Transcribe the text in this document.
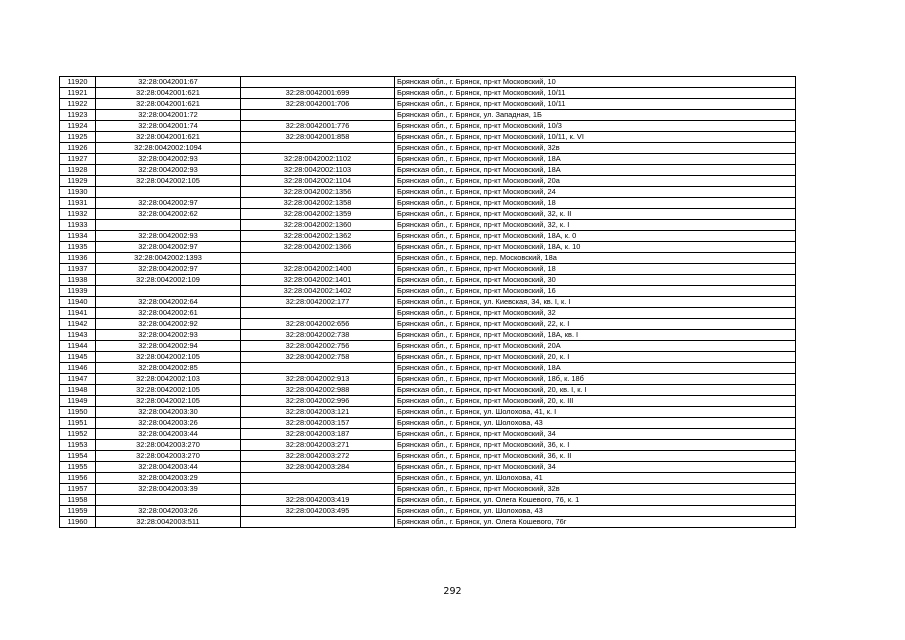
11920	32:28:0042001:67		Брянская обл., г. Брянск, пр-кт Московский, 10
11921	32:28:0042001:621	32:28:0042001:699	Брянская обл., г. Брянск, пр-кт Московский, 10/11
11922	32:28:0042001:621	32:28:0042001:706	Брянская обл., г. Брянск, пр-кт Московский, 10/11
11923	32:28:0042001:72		Брянская обл., г. Брянск, ул. Западная, 1Б
11924	32:28:0042001:74	32:28:0042001:776	Брянская обл., г. Брянск, пр-кт Московский, 10/3
11925	32:28:0042001:621	32:28:0042001:858	Брянская обл., г. Брянск, пр-кт Московский, 10/11, к. VI
11926	32:28:0042002:1094		Брянская обл., г. Брянск, пр-кт Московский, 32в
11927	32:28:0042002:93	32:28:0042002:1102	Брянская обл., г. Брянск, пр-кт Московский, 18А
11928	32:28:0042002:93	32:28:0042002:1103	Брянская обл., г. Брянск, пр-кт Московский, 18А
11929	32:28:0042002:105	32:28:0042002:1104	Брянская обл., г. Брянск, пр-кт Московский, 20а
11930		32:28:0042002:1356	Брянская обл., г. Брянск, пр-кт Московский, 24
11931	32:28:0042002:97	32:28:0042002:1358	Брянская обл., г. Брянск, пр-кт Московский, 18
11932	32:28:0042002:62	32:28:0042002:1359	Брянская обл., г. Брянск, пр-кт Московский, 32, к. II
11933		32:28:0042002:1360	Брянская обл., г. Брянск, пр-кт Московский, 32, к. I
11934	32:28:0042002:93	32:28:0042002:1362	Брянская обл., г. Брянск, пр-кт Московский, 18А, к. 0
11935	32:28:0042002:97	32:28:0042002:1366	Брянская обл., г. Брянск, пр-кт Московский, 18А, к. 10
11936	32:28:0042002:1393		Брянская обл., г. Брянск, пер. Московский, 18а
11937	32:28:0042002:97	32:28:0042002:1400	Брянская обл., г. Брянск, пр-кт Московский, 18
11938	32:28:0042002:109	32:28:0042002:1401	Брянская обл., г. Брянск, пр-кт Московский, 30
11939		32:28:0042002:1402	Брянская обл., г. Брянск, пр-кт Московский, 16
11940	32:28:0042002:64	32:28:0042002:177	Брянская обл., г. Брянск, ул. Киевская, 34, кв. I, к. I
11941	32:28:0042002:61		Брянская обл., г. Брянск, пр-кт Московский, 32
11942	32:28:0042002:92	32:28:0042002:656	Брянская обл., г. Брянск, пр-кт Московский, 22, к. I
11943	32:28:0042002:93	32:28:0042002:738	Брянская обл., г. Брянск, пр-кт Московский, 18А, кв. I
11944	32:28:0042002:94	32:28:0042002:756	Брянская обл., г. Брянск, пр-кт Московский, 20А
11945	32:28:0042002:105	32:28:0042002:758	Брянская обл., г. Брянск, пр-кт Московский, 20, к. I
11946	32:28:0042002:85		Брянская обл., г. Брянск, пр-кт Московский, 18А
11947	32:28:0042002:103	32:28:0042002:913	Брянская обл., г. Брянск, пр-кт Московский, 18б, к. 18б
11948	32:28:0042002:105	32:28:0042002:988	Брянская обл., г. Брянск, пр-кт Московский, 20, кв. I, к. I
11949	32:28:0042002:105	32:28:0042002:996	Брянская обл., г. Брянск, пр-кт Московский, 20, к. III
11950	32:28:0042003:30	32:28:0042003:121	Брянская обл., г. Брянск, ул. Шолохова, 41, к. I
11951	32:28:0042003:26	32:28:0042003:157	Брянская обл., г. Брянск, ул. Шолохова, 43
11952	32:28:0042003:44	32:28:0042003:187	Брянская обл., г. Брянск, пр-кт Московский, 34
11953	32:28:0042003:270	32:28:0042003:271	Брянская обл., г. Брянск, пр-кт Московский, 36, к. I
11954	32:28:0042003:270	32:28:0042003:272	Брянская обл., г. Брянск, пр-кт Московский, 36, к. II
11955	32:28:0042003:44	32:28:0042003:284	Брянская обл., г. Брянск, пр-кт Московский, 34
11956	32:28:0042003:29		Брянская обл., г. Брянск, ул. Шолохова, 41
11957	32:28:0042003:39		Брянская обл., г. Брянск, пр-кт Московский, 32в
11958		32:28:0042003:419	Брянская обл., г. Брянск, ул. Олега Кошевого, 76, к. 1
11959	32:28:0042003:26	32:28:0042003:495	Брянская обл., г. Брянск, ул. Шолохова, 43
11960	32:28:0042003:511		Брянская обл., г. Брянск, ул. Олега Кошевого, 76г
292
